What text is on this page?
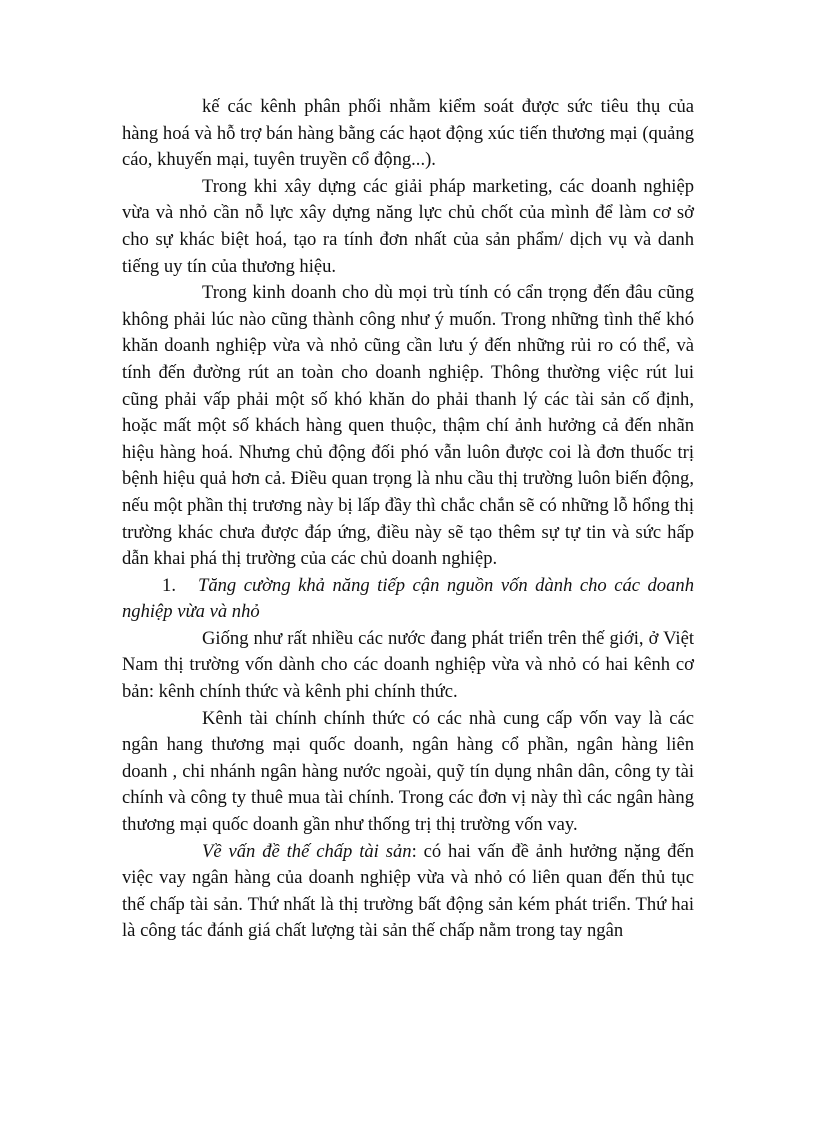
kế các kênh phân phối nhằm kiểm soát được sức tiêu thụ của hàng hoá và hỗ trợ bán hàng bằng các hạot động xúc tiến thương mại (quảng cáo, khuyến mại, tuyên truyền cổ động...).

Trong khi xây dựng các giải pháp marketing, các doanh nghiệp vừa và nhỏ cần nỗ lực xây dựng năng lực chủ chốt của mình để làm cơ sở cho sự khác biệt hoá, tạo ra tính đơn nhất của sản phẩm/ dịch vụ và danh tiếng uy tín của thương hiệu.

Trong kinh doanh cho dù mọi trù tính có cẩn trọng đến đâu cũng không phải lúc nào cũng thành công như ý muốn. Trong những tình thế khó khăn doanh nghiệp vừa và nhỏ cũng cần lưu ý đến những rủi ro có thể, và tính đến đường rút an toàn cho doanh nghiệp. Thông thường việc rút lui cũng phải vấp phải một số khó khăn do phải thanh lý các tài sản cố định, hoặc mất một số khách hàng quen thuộc, thậm chí ảnh hưởng cả đến nhãn hiệu hàng hoá. Nhưng chủ động đối phó vẫn luôn được coi là đơn thuốc trị bệnh hiệu quả hơn cả. Điều quan trọng là nhu cầu thị trường luôn biến động, nếu một phần thị trương này bị lấp đầy thì chắc chắn sẽ có những lỗ hổng thị trường khác chưa được đáp ứng, điều này sẽ tạo thêm sự tự tin và sức hấp dẫn khai phá thị trường của các chủ doanh nghiệp.

1. Tăng cường khả năng tiếp cận nguồn vốn dành cho các doanh nghiệp vừa và nhỏ

Giống như rất nhiều các nước đang phát triển trên thế giới, ở Việt Nam thị trường vốn dành cho các doanh nghiệp vừa và nhỏ có hai kênh cơ bản: kênh chính thức và kênh phi chính thức.

Kênh tài chính chính thức có các nhà cung cấp vốn vay là các ngân hang thương mại quốc doanh, ngân hàng cổ phần, ngân hàng liên doanh , chi nhánh ngân hàng nước ngoài, quỹ tín dụng nhân dân, công ty tài chính và công ty thuê mua tài chính. Trong các đơn vị này thì các ngân hàng thương mại quốc doanh gần như thống trị thị trường vốn vay.

Về vấn đề thế chấp tài sản: có hai vấn đề ảnh hưởng nặng đến việc vay ngân hàng của doanh nghiệp vừa và nhỏ có liên quan đến thủ tục thế chấp tài sản. Thứ nhất là thị trường bất động sản kém phát triển. Thứ hai là công tác đánh giá chất lượng tài sản thế chấp nằm trong tay ngân
